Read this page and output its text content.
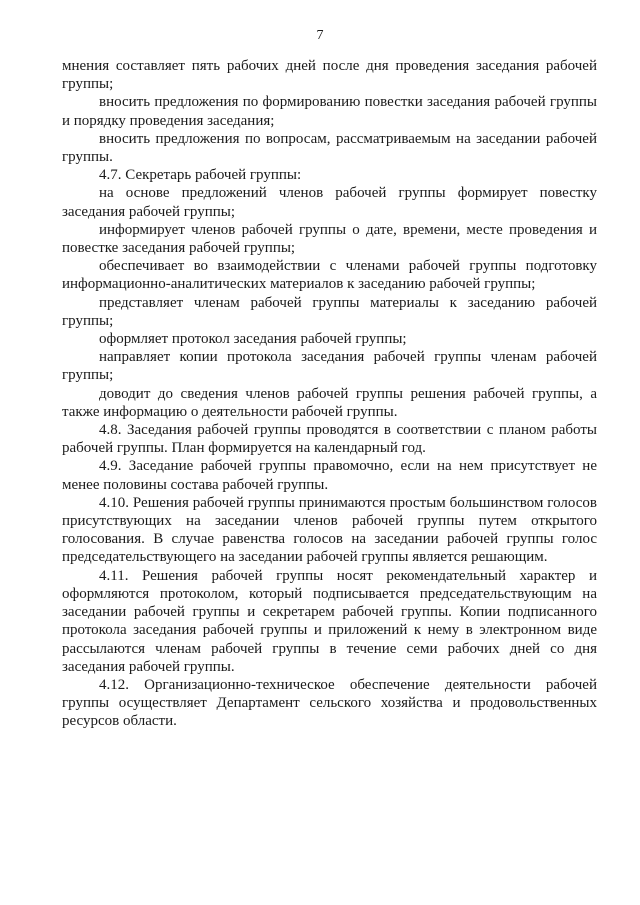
7

мнения составляет пять рабочих дней после дня проведения заседания рабочей группы;

вносить предложения по формированию повестки заседания рабочей группы и порядку проведения заседания;

вносить предложения по вопросам, рассматриваемым на заседании рабочей группы.

4.7. Секретарь рабочей группы:

на основе предложений членов рабочей группы формирует повестку заседания рабочей группы;

информирует членов рабочей группы о дате, времени, месте проведения и повестке заседания рабочей группы;

обеспечивает во взаимодействии с членами рабочей группы подготовку информационно-аналитических материалов к заседанию рабочей группы;

представляет членам рабочей группы материалы к заседанию рабочей группы;

оформляет протокол заседания рабочей группы;

направляет копии протокола заседания рабочей группы членам рабочей группы;

доводит до сведения членов рабочей группы решения рабочей группы, а также информацию о деятельности рабочей группы.

4.8. Заседания рабочей группы проводятся в соответствии с планом работы рабочей группы. План формируется на календарный год.

4.9. Заседание рабочей группы правомочно, если на нем присутствует не менее половины состава рабочей группы.

4.10. Решения рабочей группы принимаются простым большинством голосов присутствующих на заседании членов рабочей группы путем открытого голосования. В случае равенства голосов на заседании рабочей группы голос председательствующего на заседании рабочей группы является решающим.

4.11. Решения рабочей группы носят рекомендательный характер и оформляются протоколом, который подписывается председательствующим на заседании рабочей группы и секретарем рабочей группы. Копии подписанного протокола заседания рабочей группы и приложений к нему в электронном виде рассылаются членам рабочей группы в течение семи рабочих дней со дня заседания рабочей группы.

4.12. Организационно-техническое обеспечение деятельности рабочей группы осуществляет Департамент сельского хозяйства и продовольственных ресурсов области.
